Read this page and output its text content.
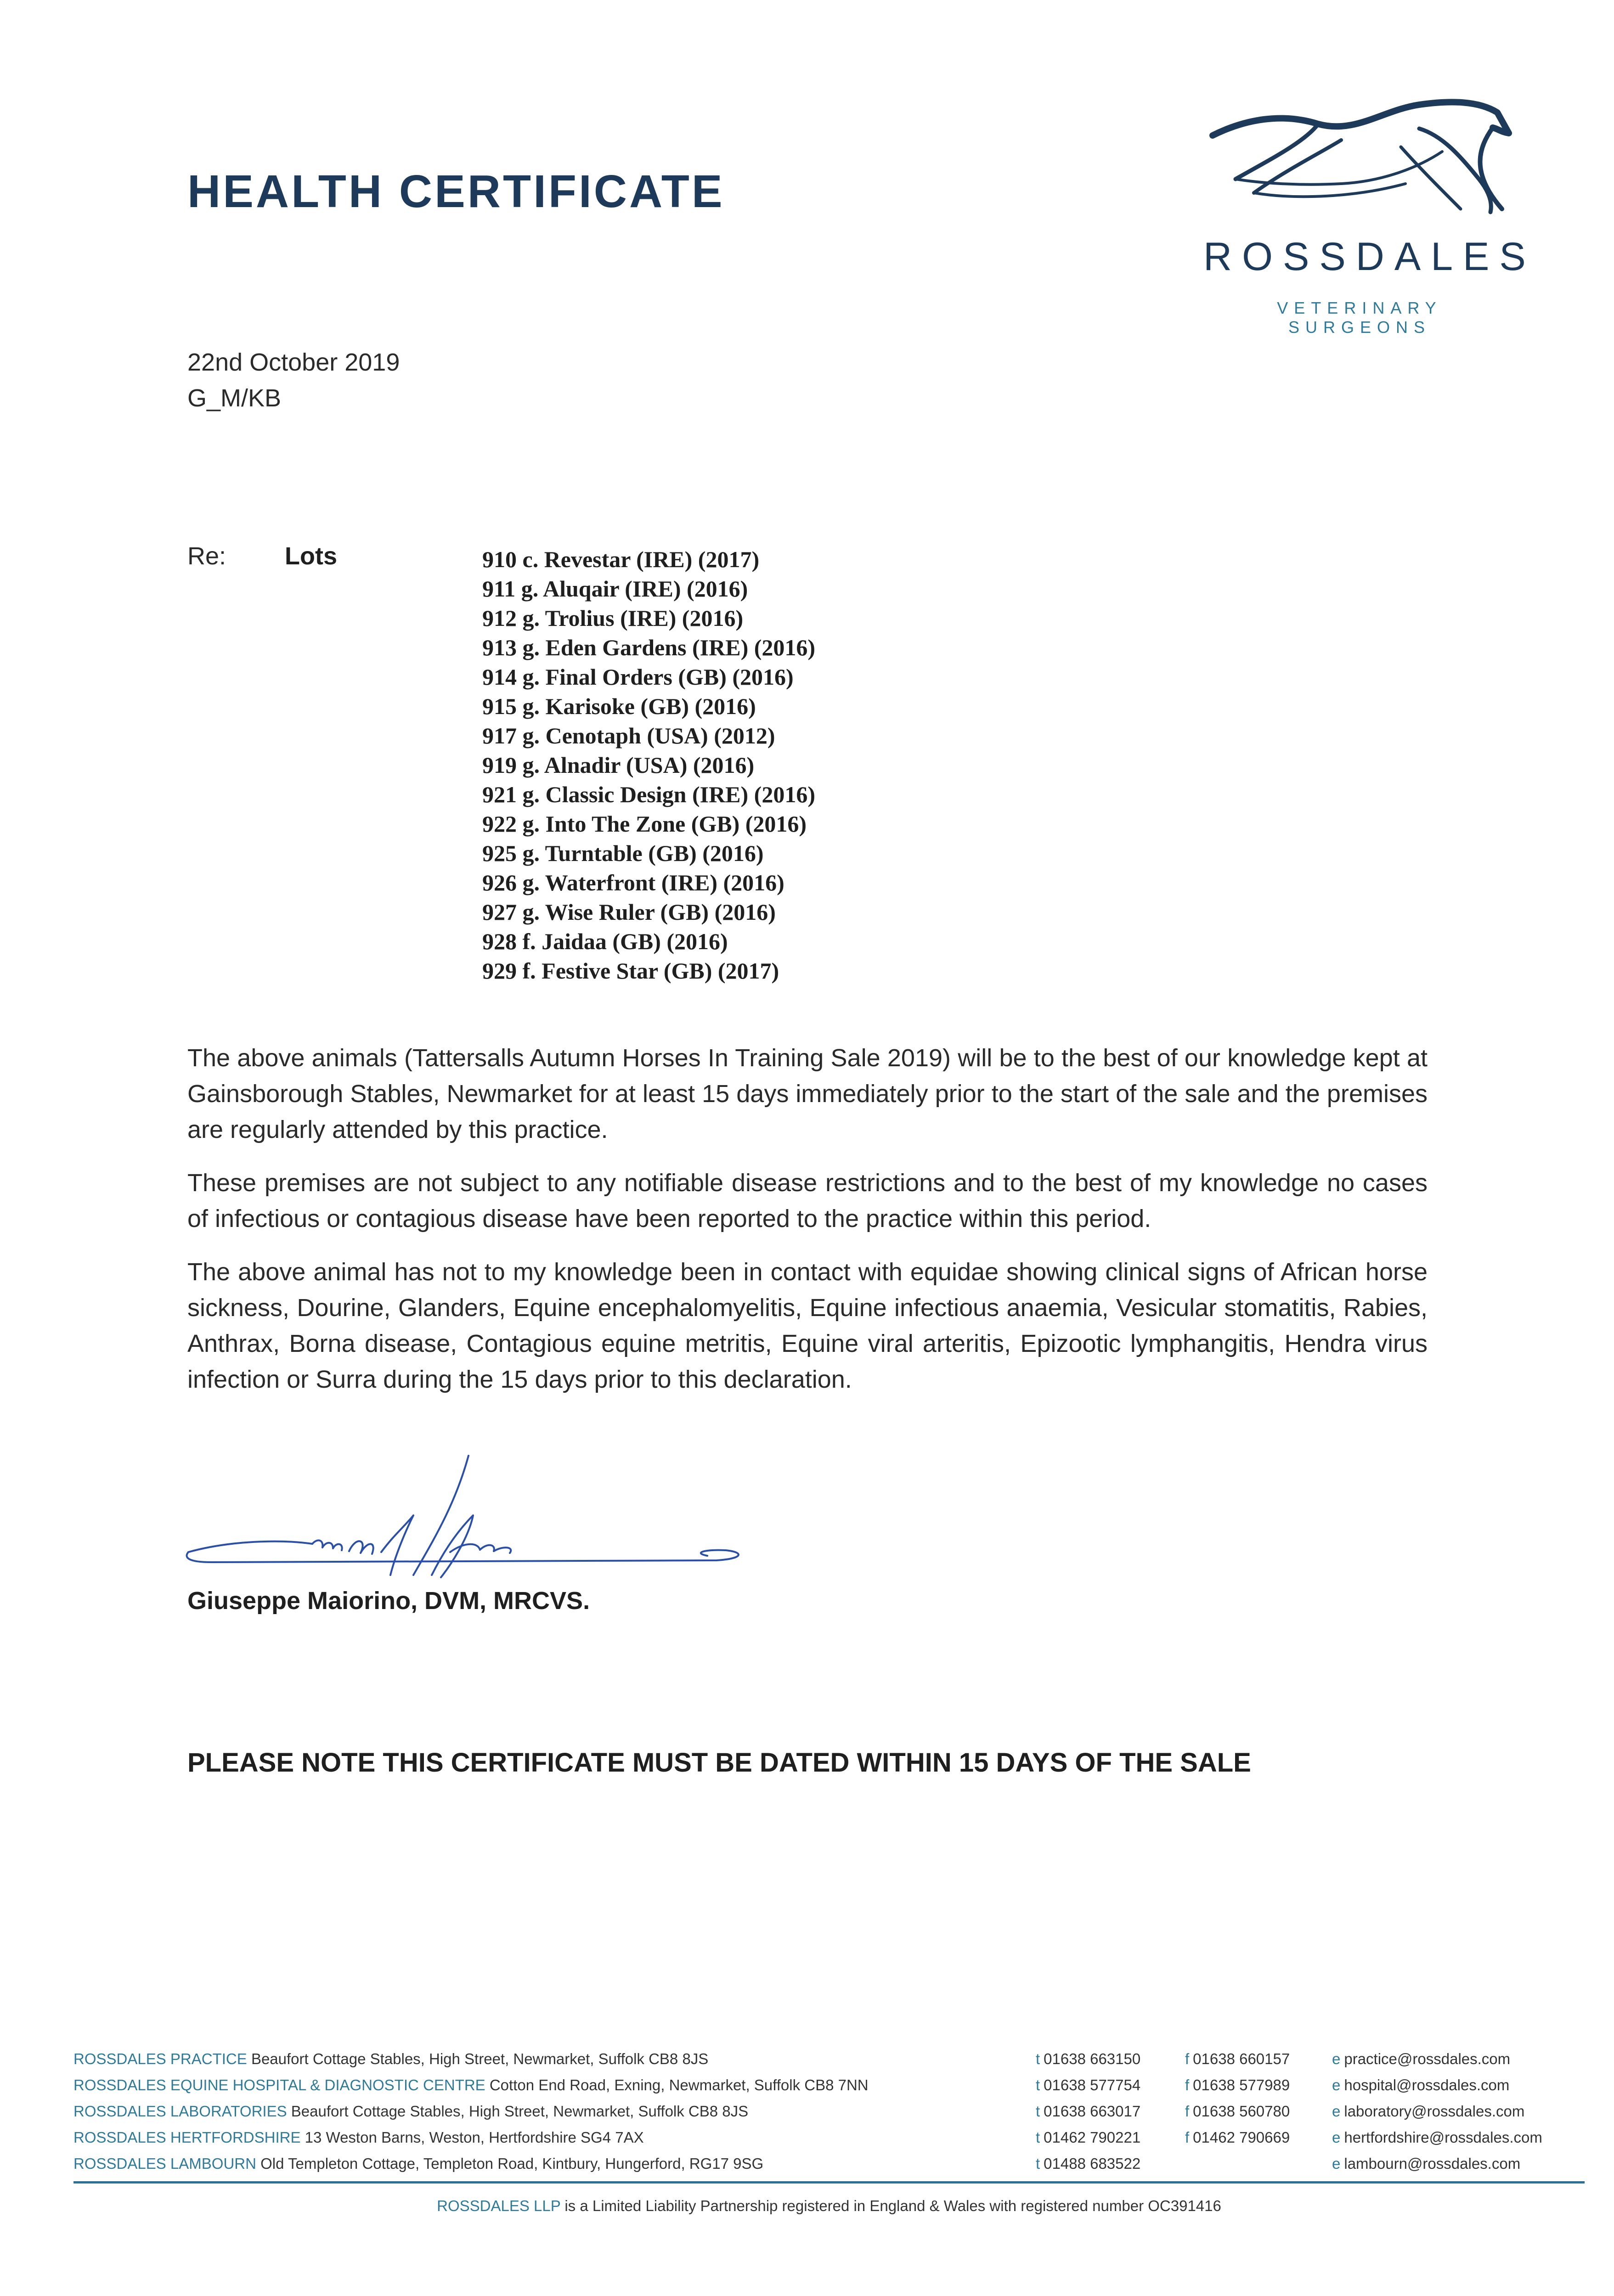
HEALTH CERTIFICATE
ROSSDALES
VETERINARY SURGEONS
22nd October 2019
G_M/KB
Re: Lots	910 c. Revestar (IRE) (2017)
911 g. Aluqair (IRE) (2016)
912 g. Trolius (IRE) (2016)
913 g. Eden Gardens (IRE) (2016)
914 g. Final Orders (GB) (2016)
915 g. Karisoke (GB) (2016)
917 g. Cenotaph (USA) (2012)
919 g. Alnadir (USA) (2016)
921 g. Classic Design (IRE) (2016)
922 g. Into The Zone (GB) (2016)
925 g. Turntable (GB) (2016)
926 g. Waterfront (IRE) (2016)
927 g. Wise Ruler (GB) (2016)
928 f. Jaidaa (GB) (2016)
929 f. Festive Star (GB) (2017)

The above animals (Tattersalls Autumn Horses In Training Sale 2019) will be to the best of our knowledge kept at Gainsborough Stables, Newmarket for at least 15 days immediately prior to the start of the sale and the premises are regularly attended by this practice.

These premises are not subject to any notifiable disease restrictions and to the best of my knowledge no cases of infectious or contagious disease have been reported to the practice within this period.

The above animal has not to my knowledge been in contact with equidae showing clinical signs of African horse sickness, Dourine, Glanders, Equine encephalomyelitis, Equine infectious anaemia, Vesicular stomatitis, Rabies, Anthrax, Borna disease, Contagious equine metritis, Equine viral arteritis, Epizootic lymphangitis, Hendra virus infection or Surra during the 15 days prior to this declaration.

Giuseppe Maiorino, DVM, MRCVS.
PLEASE NOTE THIS CERTIFICATE MUST BE DATED WITHIN 15 DAYS OF THE SALE
ROSSDALES PRACTICE Beaufort Cottage Stables, High Street, Newmarket, Suffolk CB8 8JS	t 01638 663150	f 01638 660157	e practice@rossdales.com
ROSSDALES EQUINE HOSPITAL & DIAGNOSTIC CENTRE Cotton End Road, Exning, Newmarket, Suffolk CB8 7NN	t 01638 577754	f 01638 577989	e hospital@rossdales.com
ROSSDALES LABORATORIES Beaufort Cottage Stables, High Street, Newmarket, Suffolk CB8 8JS	t 01638 663017	f 01638 560780	e laboratory@rossdales.com
ROSSDALES HERTFORDSHIRE 13 Weston Barns, Weston, Hertfordshire SG4 7AX	t 01462 790221	f 01462 790669	e hertfordshire@rossdales.com
ROSSDALES LAMBOURN Old Templeton Cottage, Templeton Road, Kintbury, Hungerford, RG17 9SG	t 01488 683522	e lambourn@rossdales.com
ROSSDALES LLP is a Limited Liability Partnership registered in England & Wales with registered number OC391416
